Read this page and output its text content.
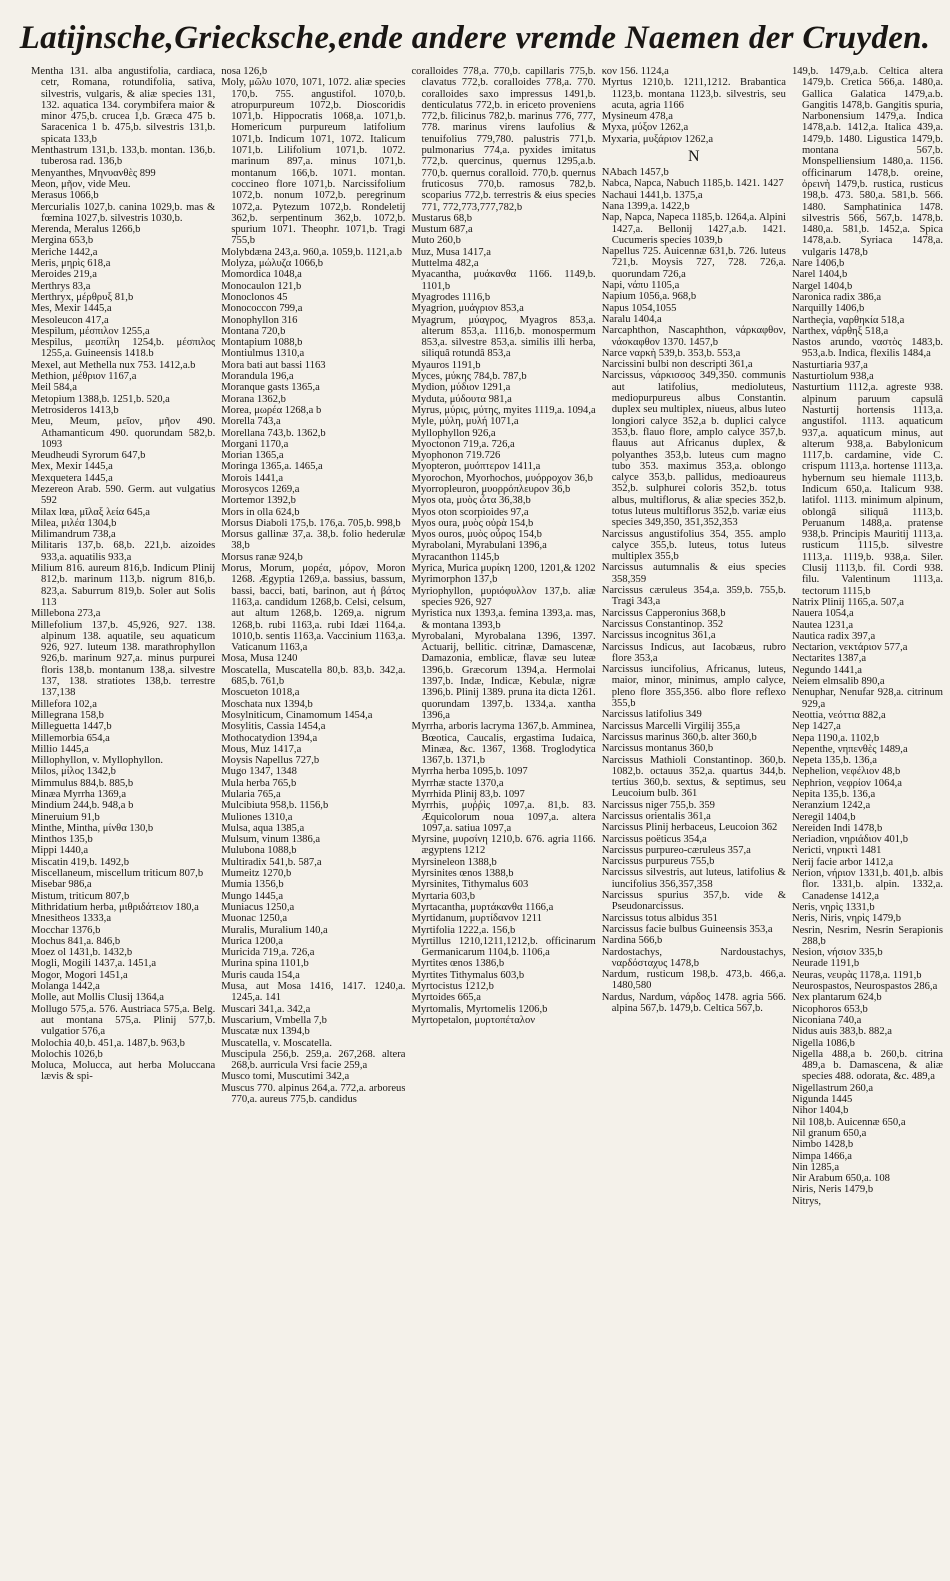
Latijnsche,Griecksche,ende andere vremde Naemen der Cruyden.

Mentha 131. alba angustifolia, cardiaca, cetr, Romana, rotundifolia, sativa, silvestris, vulgaris, & aliæ species 131, 132. aquatica 134. corymbifera maior & minor 475,b. crucea 1,b. Græca 475 b. Saracenica 1 b. 475,b. silvestris 131,b. spicata 133,b

Menthastrum 131,b. 133,b. montan. 136,b. tuberosa rad. 136,b

Menyanthes, Μηνυανθὲς 899

Meon, μῆον, vide Meu.

Merasus 1066,b

Mercurialis 1027,b. canina 1029,b. mas & fœmina 1027,b. silvestris 1030,b.

Merenda, Meralus 1266,b

Mergina 653,b

Meriche 1442,a

Meris, μηρὶς 618,a

Meroides 219,a

Merthrys 83,a

Merthryx, μέρθρυξ 81,b

Mes, Mexir 1445,a

Mesoleucon 417,a

Mespilum, μέσπιλον 1255,a

Mespilus, μεσπίλη 1254,b. μέσπιλος 1255,a. Guineensis 1418.b

Mexel, aut Methella nux 753. 1412,a.b

Methion, μέθριον 1167,a

Meil 584,a

Metopium 1388,b. 1251,b. 520,a

Metrosideros 1413,b

Meu, Meum, μεῖον, μῆον 490. Athamanticum 490. quorundam 582,b. 1093

Meudheudi Syrorum 647,b

Mex, Mexir 1445,a

Mexquetera 1445,a

Mezereon Arab. 590. Germ. aut vulgatius 592

Milax lœa, μῖλαξ λεία 645,a

Milea, μιλέα 1304,b

Milimandrum 738,a

Militaris 137,b. 68,b. 221,b. aizoides 933,a. aquatilis 933,a

Milium 816. aureum 816,b. Indicum Plinij 812,b. marinum 113,b. nigrum 816,b. 823,a. Saburrum 819,b. Soler aut Solis 113

Millebona 273,a

Millefolium 137,b. 45,926, 927. 138. alpinum 138. aquatile, seu aquaticum 926, 927. luteum 138. marathrophyllon 926,b. marinum 927,a. minus purpurei floris 138,b. montanum 138,a. silvestre 137, 138. stratiotes 138,b. terrestre 137,138

Millefora 102,a

Millegrana 158,b

Milleguetta 1447,b

Millemorbia 654,a

Millio 1445,a

Millophyllon, v. Myllophyllon.

Milos, μίλος 1342,b

Mimmulus 884,b. 885,b

Minæa Myrrha 1369,a

Mindium 244,b. 948,a b

Mineruium 91,b

Minthe, Mintha, μίνθα 130,b

Minthos 135,b

Mippi 1440,a

Miscatin 419,b. 1492,b

Miscellaneum, miscellum triticum 807,b

Misebar 986,a

Mistum, triticum 807,b

Mithridatium herba, μιθριδάτειον 180,a

Mnesitheos 1333,a

Mocchar 1376,b

Mochus 841,a. 846,b

Moez ol 1431,b. 1432,b

Mogli, Mogili 1437,a. 1451,a

Mogor, Mogori 1451,a

Molanga 1442,a

Molle, aut Mollis Clusij 1364,a

Mollugo 575,a. 576. Austriaca 575,a. Belg. aut montana 575,a. Plinij 577,b. vulgatior 576,a

Molochia 40,b. 451,a. 1487,b. 963,b

Molochis 1026,b

Moluca, Molucca, aut herba Moluccana lævis & spi-

nosa 126,b

Moly, μῶλυ 1070, 1071, 1072. aliæ species 170,b. 755. angustifol. 1070,b. atropurpureum 1072,b. Dioscoridis 1071,b. Hippocratis 1068,a. 1071,b. Homericum purpureum latifolium 1071,b. Indicum 1071, 1072. Italicum 1071,b. Lilifolium 1071,b. 1072. marinum 897,a. minus 1071,b. montanum 166,b. 1071. montan. coccineo flore 1071,b. Narcissifolium 1072,b. nonum 1072,b. peregrinum 1072,a. Pytezum 1072,b. Rondeletij 362,b. serpentinum 362,b. 1072,b. spurium 1071. Theophr. 1071,b. Tragi 755,b

Molybdæna 243,a. 960,a. 1059,b. 1121,a.b

Molyza, μώλυζα 1066,b

Momordica 1048,a

Monocaulon 121,b

Monoclonos 45

Monococcon 799,a

Monophyllon 316

Montana 720,b

Montapium 1088,b

Montiulmus 1310,a

Mora bati aut bassi 1163

Morandula 196,a

Moranque gasts 1365,a

Morana 1362,b

Morea, μωρέα 1268,a b

Morella 743,a

Morellana 743,b. 1362,b

Morgani 1170,a

Morian 1365,a

Moringa 1365,a. 1465,a

Morois 1441,a

Morosycos 1269,a

Mortemor 1392,b

Mors in olla 624,b

Morsus Diaboli 175,b. 176,a. 705,b. 998,b

Morsus gallinæ 37,a. 38,b. folio hederulæ 38,b

Morsus ranæ 924,b

Morus, Morum, μορέα, μόρον, Moron 1268. Ægyptia 1269,a. bassius, bassum, bassi, bacci, bati, barinon, aut ἡ βάτος 1163,a. candidum 1268,b. Celsi, celsum, aut altum 1268,b. 1269,a. nigrum 1268,b. rubi 1163,a. rubi Idæi 1164,a. 1010,b. sentis 1163,a. Vaccinium 1163,a. Vaticanum 1163,a

Mosa, Musa 1240

Moscatella, Muscatella 80,b. 83,b. 342,a. 685,b. 761,b

Moscueton 1018,a

Moschata nux 1394,b

Mosylniticum, Cinamomum 1454,a

Mosylitis, Cassia 1454,a

Mothocatydion 1394,a

Mous, Muz 1417,a

Moysis Napellus 727,b

Mugo 1347, 1348

Mula herba 765,b

Mularia 765,a

Mulcibiuta 958,b. 1156,b

Muliones 1310,a

Mulsa, aqua 1385,a

Mulsum, vinum 1386,a

Mulubona 1088,b

Multiradix 541,b. 587,a

Mumeitz 1270,b

Mumia 1356,b

Mungo 1445,a

Muniacus 1250,a

Muonac 1250,a

Muralis, Muralium 140,a

Murica 1200,a

Muricida 719,a. 726,a

Murina spina 1101,b

Muris cauda 154,a

Musa, aut Mosa 1416, 1417. 1240,a. 1245,a. 141

Muscari 341,a. 342,a

Muscarium, Vmbella 7,b

Muscatæ nux 1394,b

Muscatella, v. Moscatella.

Muscipula 256,b. 259,a. 267,268. altera 268,b. aurricula Vrsi facie 259,a

Musco tomi, Muscutimi 342,a

Muscus 770. alpinus 264,a. 772,a. arboreus 770,a. aureus 775,b. candidus

coralloides 778,a. 770,b. capillaris 775,b. clavatus 772,b. coralloides 778,a. 770. coralloides saxo impressus 1491,b. denticulatus 772,b. in ericeto proveniens 772,b. filicinus 782,b. marinus 776, 777, 778. marinus virens laufolius & tenuifolius 779,780. palustris 771,b. pulmonarius 774,a. pyxides imitatus 772,b. quercinus, quernus 1295,a.b. 770,b. quernus coralloid. 770,b. quernus fruticosus 770,b. ramosus 782,b. scoparius 772,b. terrestris & eius species 771, 772,773,777,782,b

Mustarus 68,b

Mustum 687,a

Muto 260,b

Muz, Musa 1417,a

Muttelma 482,a

Myacantha, μυάκανθα 1166. 1149,b. 1101,b

Myagrodes 1116,b

Myagrion, μυάγριον 853,a

Myagrum, μύαγρος, Myagros 853,a. alterum 853,a. 1116,b. monospermum 853,a. silvestre 853,a. similis illi herba, siliquâ rotundâ 853,a

Myauros 1191,b

Myces, μύκης 784,b. 787,b

Mydion, μύδιον 1291,a

Myduta, μύδουτα 981,a

Myrus, μύρις, μύτης, myites 1119,a. 1094,a

Myle, μύλη, μυλή 1071,a

Myllophyllon 926,a

Myoctonon 719,a. 726,a

Myophonon 719.726

Myopteron, μυόπτερον 1411,a

Myorochon, Myorhochos, μυόρροχον 36,b

Myorropleuron, μυορρόπλευρον 36,b

Myos ota, μυὸς ὦτα 36,38,b

Myos oton scorpioides 97,a

Myos oura, μυὸς οὐρὰ 154,b

Myos ouros, μυὸς οὖρος 154,b

Myrabolani, Myrabulani 1396,a

Myracanthon 1145,b

Myrica, Murica μυρίκη 1200, 1201,& 1202

Myrimorphon 137,b

Myriophyllon, μυριόφυλλον 137,b. aliæ species 926, 927

Myristica nux 1393,a. femina 1393,a. mas, & montana 1393,b

Myrobalani, Myrobalana 1396, 1397. Actuarij, bellitic. citrinæ, Damascenæ, Damazonia, emblicæ, flavæ seu luteæ 1396,b. Græcorum 1394,a. Hermolai 1397,b. Indæ, Indicæ, Kebulæ, nigræ 1396,b. Plinij 1389. pruna ita dicta 1261. quorundam 1397,b. 1334,a. xantha 1396,a

Myrrha, arboris lacryma 1367,b. Amminea, Bœotica, Caucalis, ergastima Iudaica, Minæa, &c. 1367, 1368. Troglodytica 1367,b. 1371,b

Myrrha herba 1095,b. 1097

Myrrhæ stacte 1370,a

Myrrhida Plinij 83,b. 1097

Myrrhis, μυῤῥὶς 1097,a. 81,b. 83. Æquicolorum noua 1097,a. altera 1097,a. satiua 1097,a

Myrsine, μυρσίνη 1210,b. 676. agria 1166. ægyptens 1212

Myrsineleon 1388,b

Myrsinites œnos 1388,b

Myrsinites, Tithymalus 603

Myrtaria 603,b

Myrtacantha, μυρτάκανθα 1166,a

Myrtidanum, μυρτίδανον 1211

Myrtifolia 1222,a. 156,b

Myrtillus 1210,1211,1212,b. officinarum Germanicarum 1104,b. 1106,a

Myrtites œnos 1386,b

Myrtites Tithymalus 603,b

Myrtocistus 1212,b

Myrtoides 665,a

Myrtomalis, Myrtomelis 1206,b

Myrtopetalon, μυρτοπέταλον

κον 156. 1124,a

Myrtus 1210,b. 1211,1212. Brabantica 1123,b. montana 1123,b. silvestris, seu acuta, agria 1166

Mysineum 478,a

Myxa, μύξον 1262,a

Myxaria, μυξάριον 1262,a

N

NAbach 1457,b

Nabca, Napca, Nabuch 1185,b. 1421. 1427

Nachaui 1441,b. 1375,a

Nana 1399,a. 1422,b

Nap, Napca, Napeca 1185,b. 1264,a. Alpini 1427,a. Bellonij 1427,a.b. 1421. Cucumeris species 1039,b

Napellus 725. Auicennæ 631,b. 726. luteus 721,b. Moysis 727, 728. 726,a. quorundam 726,a

Napi, νάπυ 1105,a

Napium 1056,a. 968,b

Napus 1054,1055

Naralu 1404,a

Narcaphthon, Nascaphthon, νάρκαφθον, νάσκαφθον 1370. 1457,b

Narce ναρκὴ 539,b. 353,b. 553,a

Narcissini bulbi non descripti 361,a

Narcissus, νάρκισσος 349,350. communis aut latifolius, medioluteus, mediopurpureus albus Constantin. duplex seu multiplex, niueus, albus luteo longiori calyce 352,a b. duplici calyce 353,b. flauo flore, amplo calyce 357,b. flauus aut Africanus duplex, & polyanthes 353,b. luteus cum magno tubo 353. maximus 353,a. oblongo calyce 353,b. pallidus, medioaureus 352,b. sulphurei coloris 352,b. totus albus, multiflorus, & aliæ species 352,b. totus luteus multiflorus 352,b. variæ eius species 349,350, 351,352,353

Narcissus angustifolius 354, 355. amplo calyce 355,b. luteus, totus luteus multiplex 355,b

Narcissus autumnalis & eius species 358,359

Narcissus cæruleus 354,a. 359,b. 755,b. Tragi 343,a

Narcissus Capperonius 368,b

Narcissus Constantinop. 352

Narcissus incognitus 361,a

Narcissus Indicus, aut Iacobæus, rubro flore 353,a

Narcissus iuncifolius, Africanus, luteus, maior, minor, minimus, amplo calyce, pleno flore 355,356. albo flore reflexo 355,b

Narcissus latifolius 349

Narcissus Marcelli Virgilij 355,a

Narcissus marinus 360,b. alter 360,b

Narcissus montanus 360,b

Narcissus Mathioli Constantinop. 360,b. 1082,b. octauus 352,a. quartus 344,b. tertius 360,b. sextus, & septimus, seu Leucoium bulb. 361

Narcissus niger 755,b. 359

Narcissus orientalis 361,a

Narcissus Plinij herbaceus, Leucoion 362

Narcissus poëticus 354,a

Narcissus purpureo-cæruleus 357,a

Narcissus purpureus 755,b

Narcissus silvestris, aut luteus, latifolius & iuncifolius 356,357,358

Narcissus spurius 357,b. vide & Pseudonarcissus.

Narcissus totus albidus 351

Narcissus facie bulbus Guineensis 353,a

Nardina 566,b

Nardostachys, Nardoustachys, ναρδόσταχυς 1478,b

Nardum, rusticum 198,b. 473,b. 466,a. 1480,580

Nardus, Nardum, νάρδος 1478. agria 566. alpina 567,b. 1479,b. Celtica 567,b.

149,b. 1479,a.b. Celtica altera 1479,b. Cretica 566,a. 1480,a. Gallica Galatica 1479,a.b. Gangitis 1478,b. Gangitis spuria, Narbonensium 1479,a. Indica 1478,a.b. 1412,a. Italica 439,a. 1479,b. 1480. Ligustica 1479,b. montana 567,b. Monspelliensium 1480,a. 1156. officinarum 1478,b. oreine, ὀρεινὴ 1479,b. rustica, rusticus 198,b. 473. 580,a. 581,b. 566. 1480. Samphatinica 1478. silvestris 566, 567,b. 1478,b. 1480,a. 581,b. 1452,a. Spica 1478,a.b. Syriaca 1478,a. vulgaris 1478,b

Nare 1406,b

Narel 1404,b

Nargel 1404,b

Naronica radix 386,a

Narquilly 1406,b

Nartheçia, ναρθηκία 518,a

Narthex, νάρθηξ 518,a

Nastos arundo, ναστὸς 1483,b. 953,a.b. Indica, flexilis 1484,a

Nasturtiaria 937,a

Nasturtiolum 938,a

Nasturtium 1112,a. agreste 938. alpinum paruum capsulâ Nasturtij hortensis 1113,a. angustifol. 1113. aquaticum 937,a. aquaticum minus, aut alterum 938,a. Babylonicum 1117,b. cardamine, vide C. crispum 1113,a. hortense 1113,a. hybernum seu hiemale 1113,b. Indicum 650,a. Italicum 938. latifol. 1113. minimum alpinum, oblongâ siliquâ 1113,b. Peruanum 1488,a. pratense 938,b. Principis Mauritij 1113,a. rusticum 1115,b. silvestre 1113,a. 1119,b. 938,a. Siler. Clusij 1113,b. fil. Cordi 938. filu. Valentinum 1113,a. tectorum 1115,b

Natrix Plinij 1165,a. 507,a

Nauera 1054,a

Nautea 1231,a

Nautica radix 397,a

Nectarion, νεκτάριον 577,a

Nectarites 1387,a

Negundo 1441,a

Neiem elmsalib 890,a

Nenuphar, Nenufar 928,a. citrinum 929,a

Neottia, νεόττια 882,a

Nep 1427,a

Nepa 1190,a. 1102,b

Nepenthe, νηπενθὲς 1489,a

Nepeta 135,b. 136,a

Nephelion, νεφέλιον 48,b

Nephrion, νεφρίον 1064,a

Nepita 135,b. 136,a

Neranzium 1242,a

Neregil 1404,b

Nereiden Indi 1478,b

Neriadion, νηριάδιον 401,b

Nericti, νηρικτὶ 1481

Nerij facie arbor 1412,a

Nerion, νήριον 1331,b. 401,b. albis flor. 1331,b. alpin. 1332,a. Canadense 1412,a

Neris, νηρὶς 1331,b

Neris, Niris, νηρὶς 1479,b

Nesrin, Nesrim, Nesrin Serapionis 288,b

Nesion, νήσιον 335,b

Neurade 1191,b

Neuras, νευρὰς 1178,a. 1191,b

Neurospastos, Neurospastos 286,a

Nex plantarum 624,b

Nicophoros 653,b

Niconiana 740,a

Nidus auis 383,b. 882,a

Nigella 1086,b

Nigella 488,a b. 260,b. citrina 489,a b. Damascena, & aliæ species 488. odorata, &c. 489,a

Nigellastrum 260,a

Nigunda 1445

Nihor 1404,b

Nil 108,b. Auicennæ 650,a

Nil granum 650,a

Nimbo 1428,b

Nimpa 1466,a

Nin 1285,a

Nir Arabum 650,a. 108

Niris, Neris 1479,b

Nitrys,
